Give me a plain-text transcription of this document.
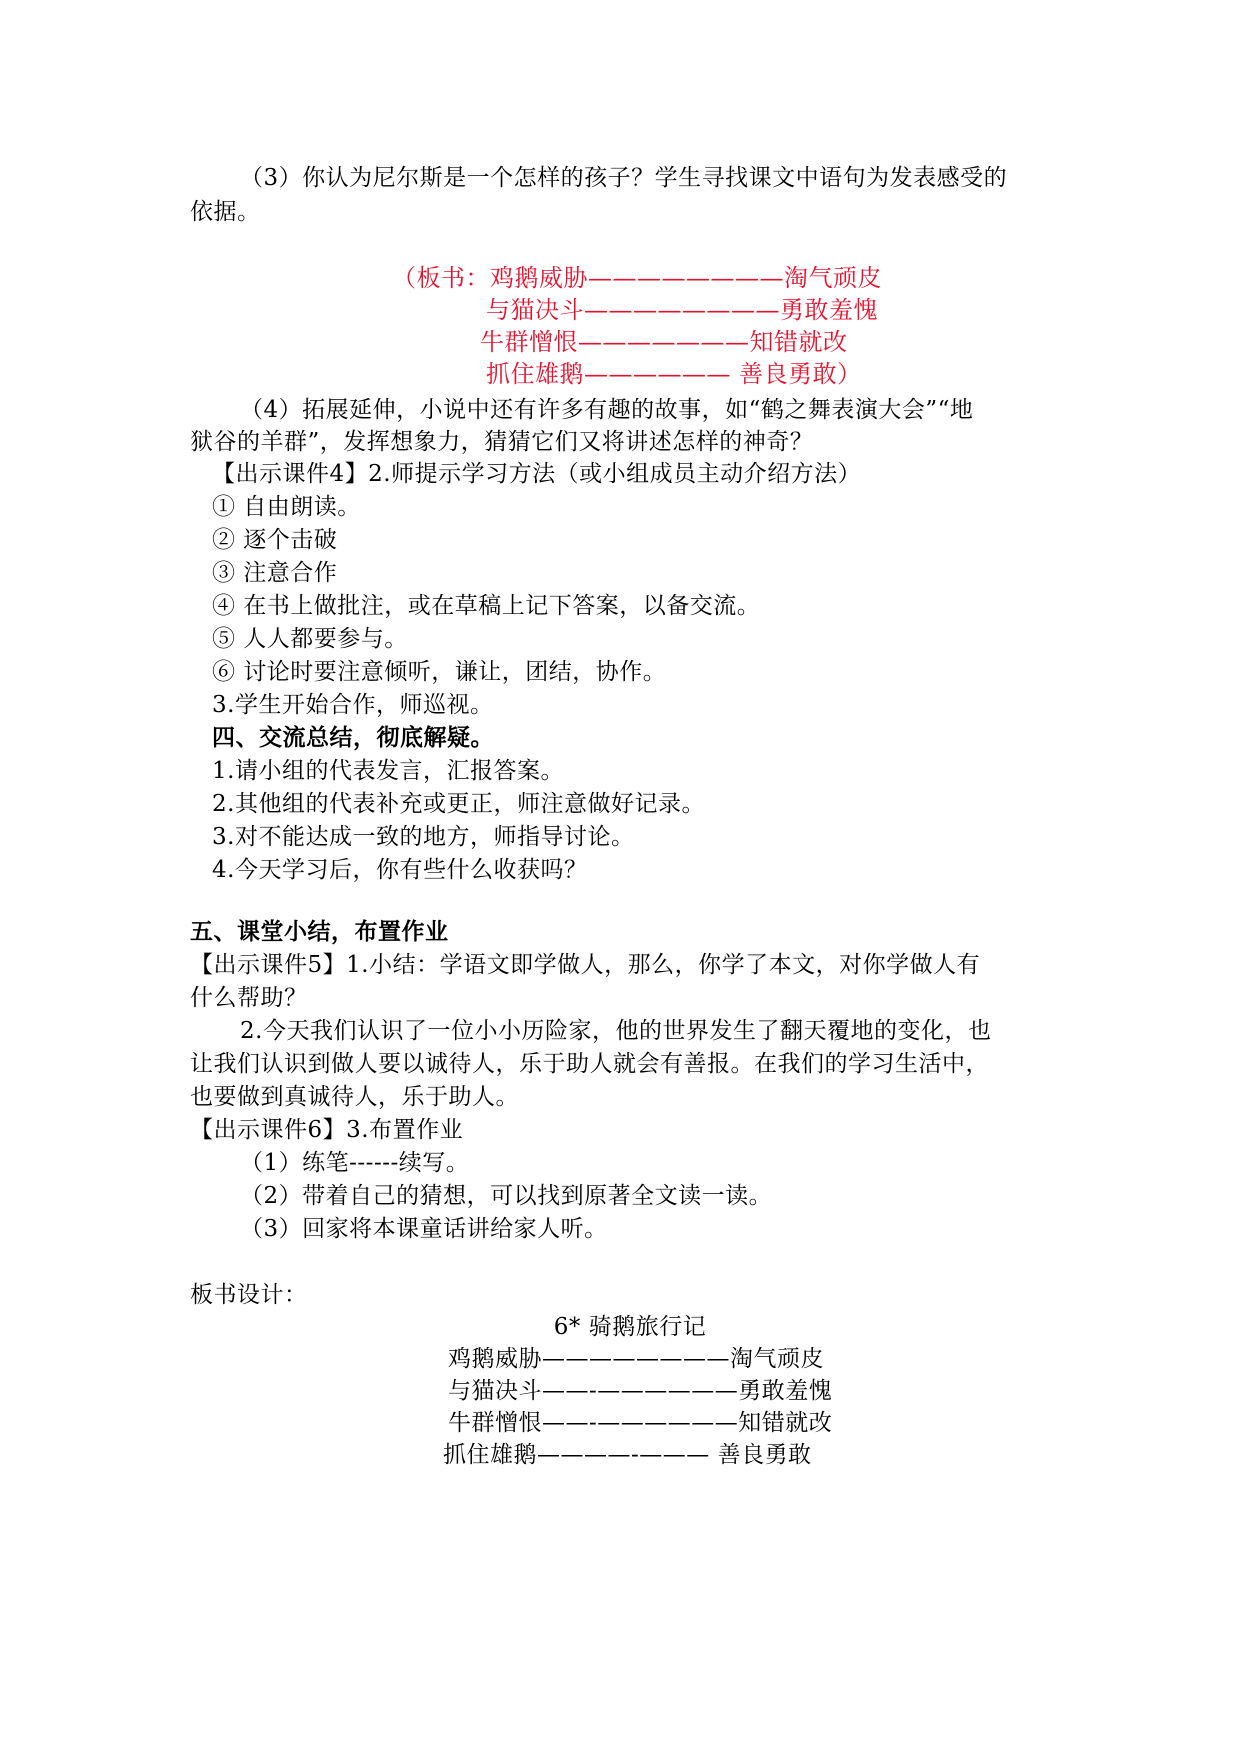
（3）你认为尼尔斯是一个怎样的孩子？学生寻找课文中语句为发表感受的
依据。
（板书：鸡鹅威胁————————淘气顽皮
与猫决斗————————勇敢羞愧
牛群憎恨———————知错就改
抓住雄鹅—————— 善良勇敢）
（4）拓展延伸，小说中还有许多有趣的故事，如“鹤之舞表演大会”“地
狱谷的羊群”，发挥想象力，猜猜它们又将讲述怎样的神奇？
【出示课件4】2.师提示学习方法（或小组成员主动介绍方法）
① 自由朗读。
② 逐个击破
③ 注意合作
④ 在书上做批注，或在草稿上记下答案，以备交流。
⑤ 人人都要参与。
⑥ 讨论时要注意倾听，谦让，团结，协作。
3.学生开始合作，师巡视。
四、交流总结，彻底解疑。
1.请小组的代表发言，汇报答案。
2.其他组的代表补充或更正，师注意做好记录。
3.对不能达成一致的地方，师指导讨论。
4.今天学习后，你有些什么收获吗？
五、课堂小结，布置作业
【出示课件5】1.小结：学语文即学做人，那么，你学了本文，对你学做人有
什么帮助？
2.今天我们认识了一位小小历险家，他的世界发生了翻天覆地的变化，也
让我们认识到做人要以诚待人，乐于助人就会有善报。在我们的学习生活中，
也要做到真诚待人，乐于助人。
【出示课件6】3.布置作业
（1）练笔------续写。
（2）带着自己的猜想，可以找到原著全文读一读。
（3）回家将本课童话讲给家人听。
板书设计：
6* 骑鹅旅行记
鸡鹅威胁————————淘气顽皮
与猫决斗——-——————勇敢羞愧
牛群憎恨——-——————知错就改
抓住雄鹅————-——— 善良勇敢
